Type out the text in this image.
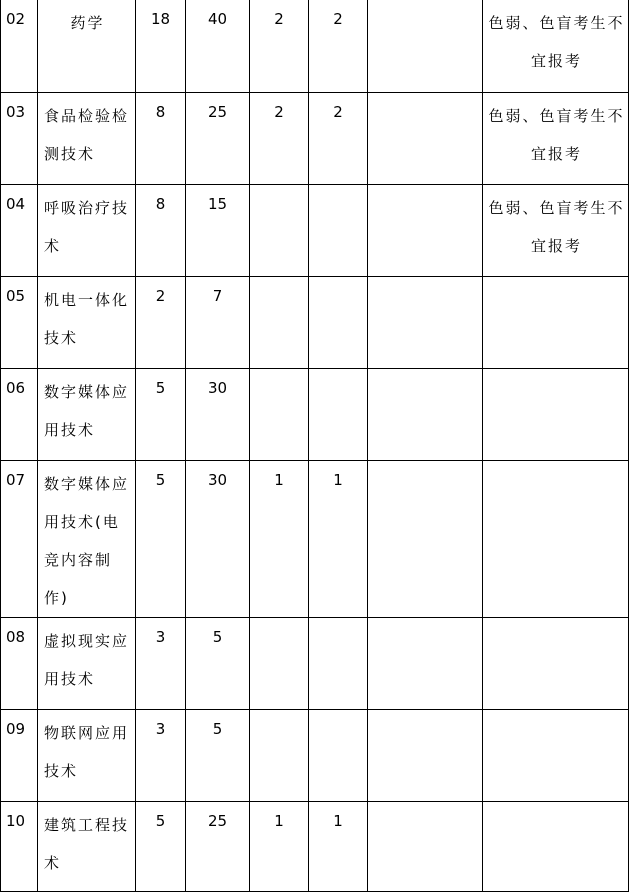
02	药学	18	40	2	2		色弱、色盲考生不
宜报考

03	食品检验检测技术	8	25	2	2		色弱、色盲考生不
宜报考

04	呼吸治疗技术	8	15				色弱、色盲考生不
宜报考

05	机电一体化技术	2	7				

06	数字媒体应用技术	5	30				

07	数字媒体应用技术(电竞内容制作)	5	30	1	1		

08	虚拟现实应用技术	3	5				

09	物联网应用技术	3	5				

10	建筑工程技术	5	25	1	1		
